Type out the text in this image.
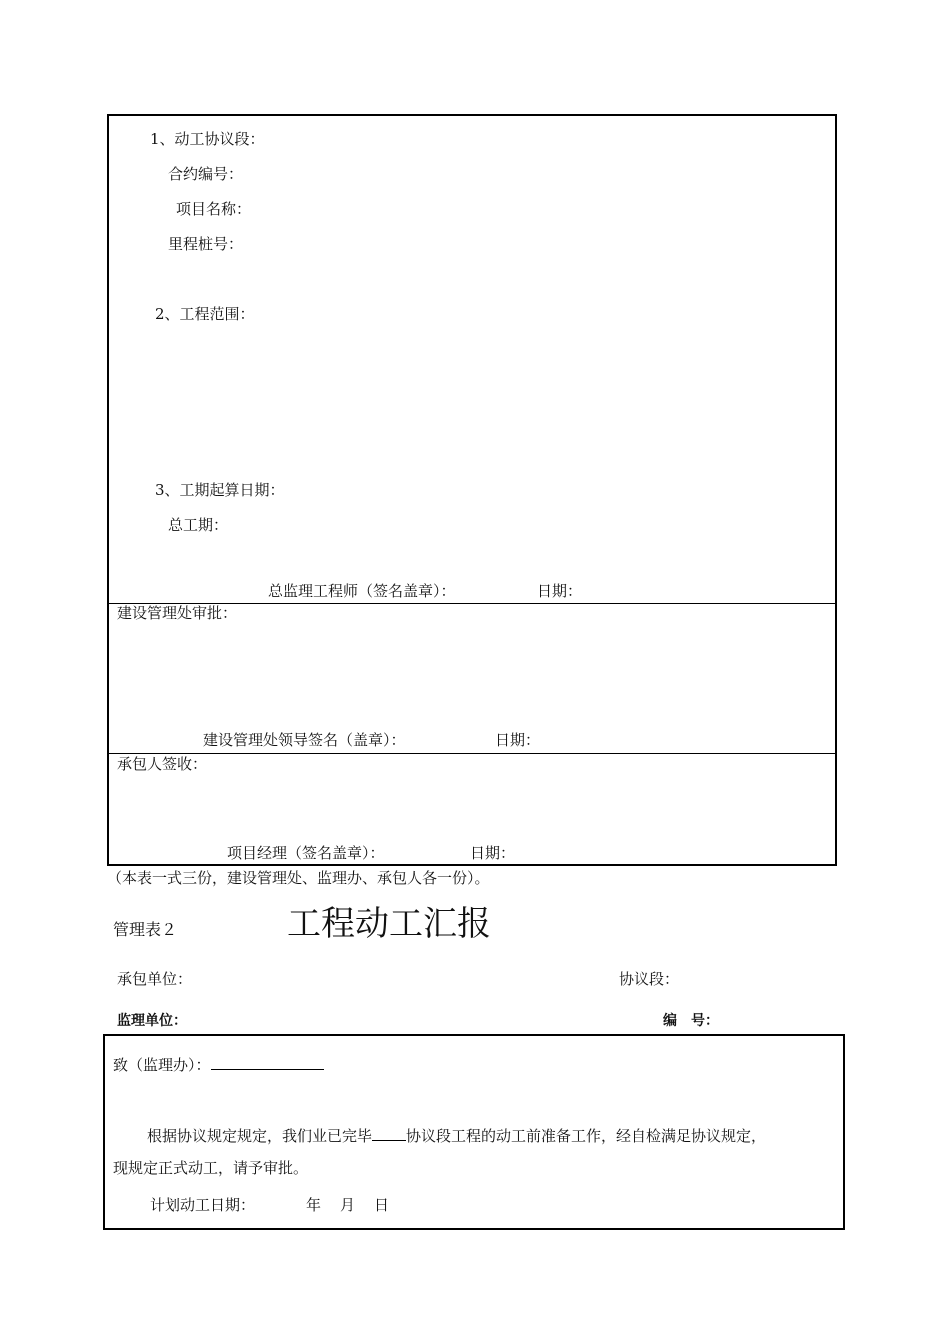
1、动工协议段：
合约编号：
项目名称：
里程桩号：
2、工程范围：
3、工期起算日期：
总工期：
总监理工程师（签名盖章）：	日期：
建设管理处审批：
建设管理处领导签名（盖章）：	日期：
承包人签收：
项目经理（签名盖章）：	日期：
（本表一式三份，建设管理处、监理办、承包人各一份）。
管理表２	工程动工汇报
承包单位：	协议段：
监理单位：	编　号：
致（监理办）：
根据协议规定规定，我们业已完毕 协议段工程的动工前准备工作，经自检满足协议规定，
现规定正式动工，请予审批。
计划动工日期：	年 月 日
